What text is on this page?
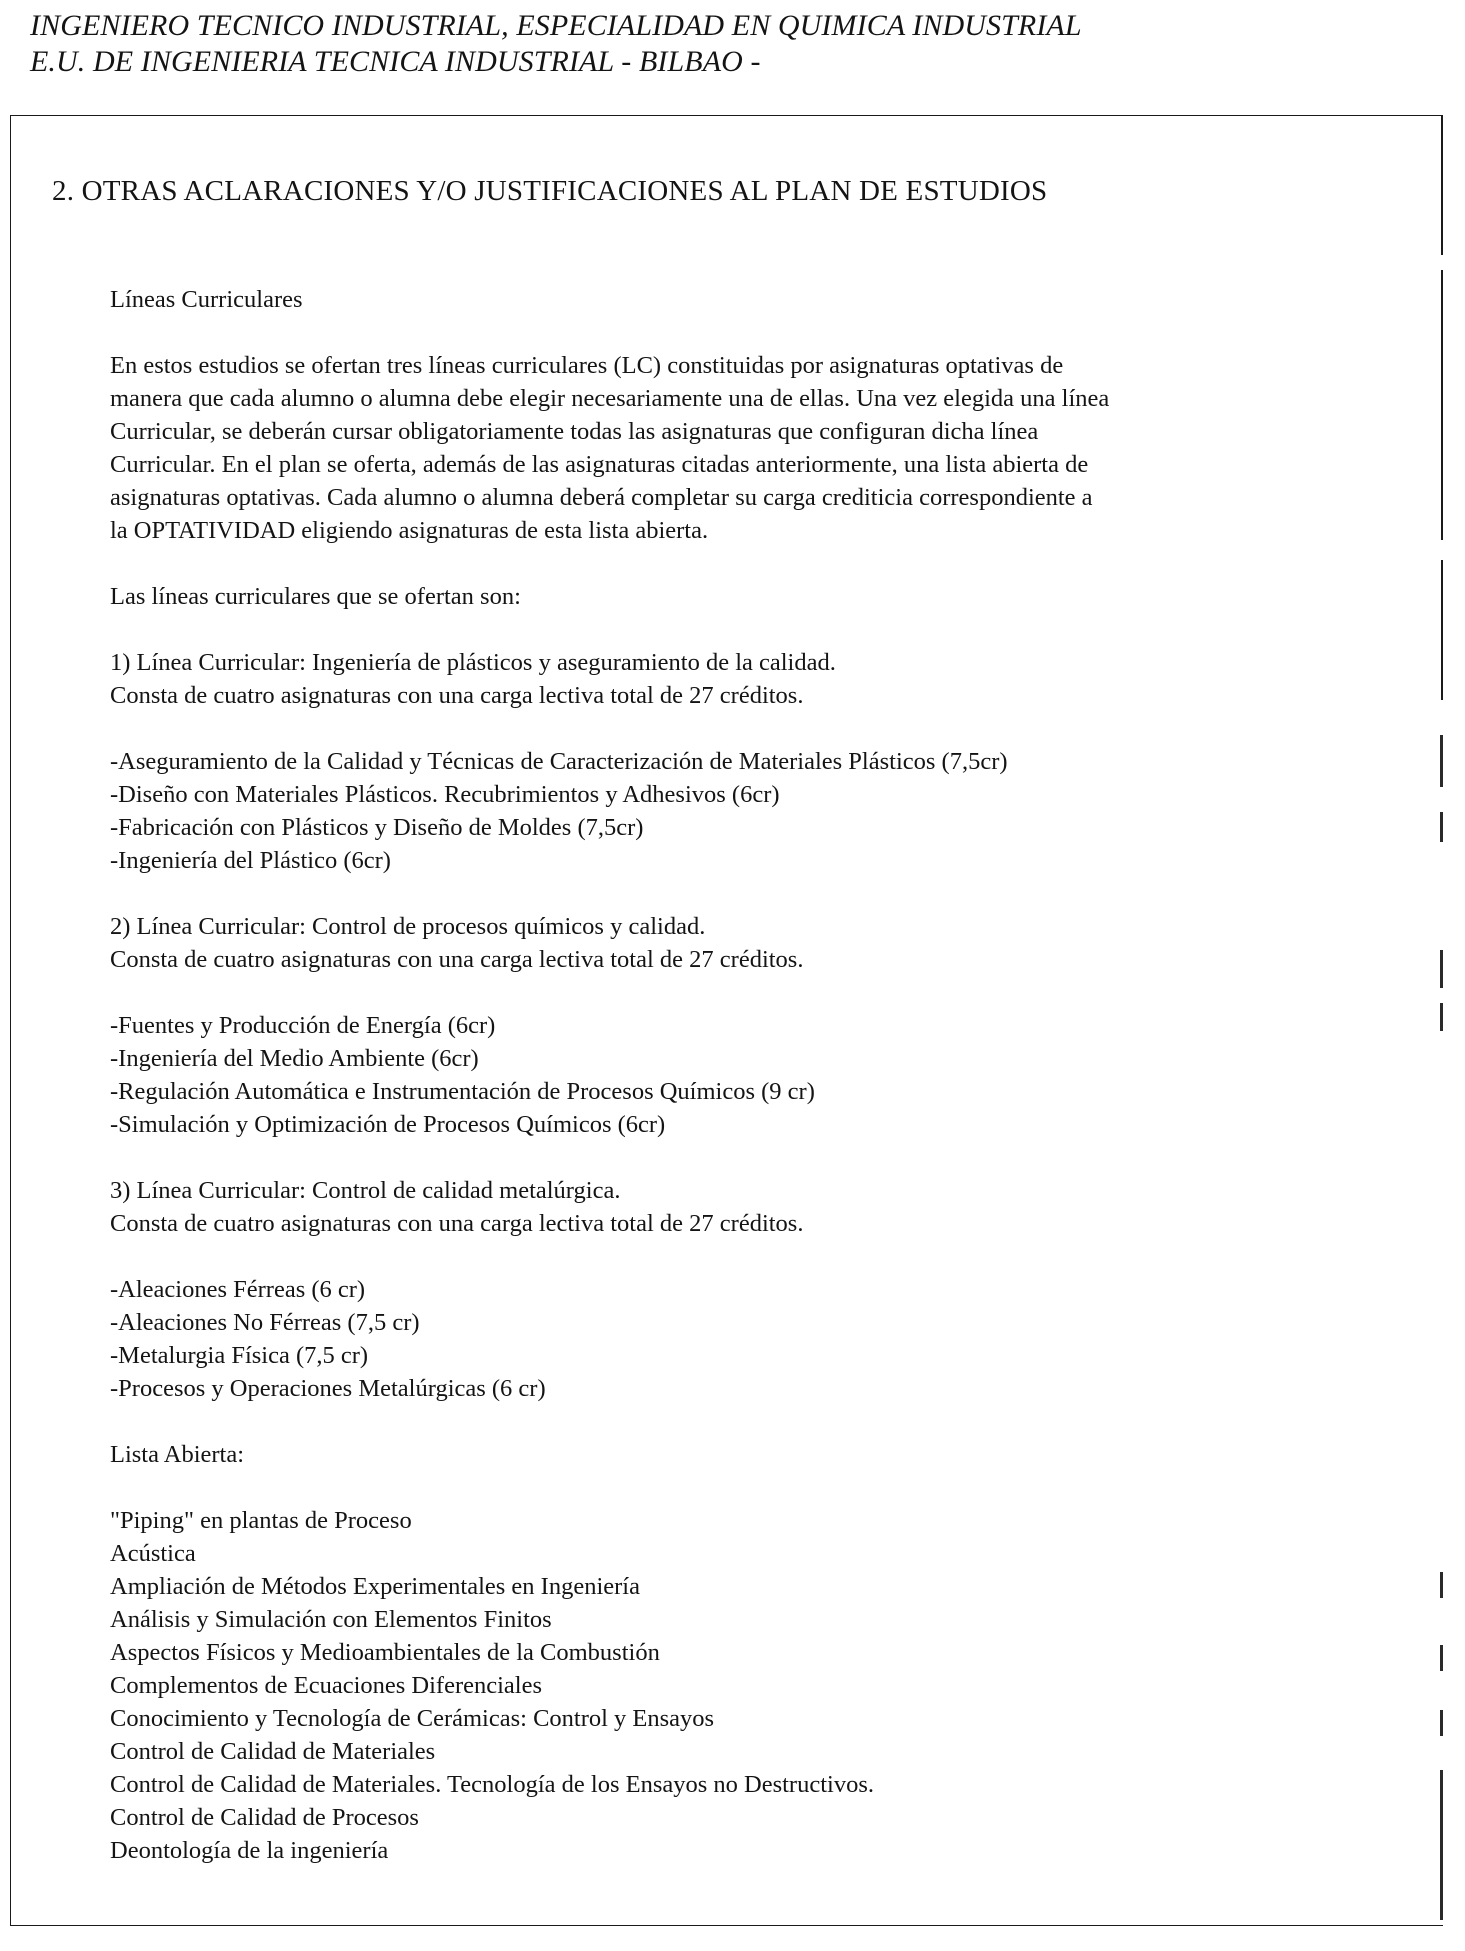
INGENIERO TECNICO INDUSTRIAL, ESPECIALIDAD EN QUIMICA INDUSTRIAL
E.U. DE INGENIERIA TECNICA INDUSTRIAL - BILBAO -
2. OTRAS ACLARACIONES Y/O JUSTIFICACIONES AL PLAN DE ESTUDIOS

Líneas Curriculares

En estos estudios se ofertan tres líneas curriculares (LC) constituidas por asignaturas optativas de

manera que cada alumno o alumna debe elegir necesariamente una de ellas. Una vez elegida una línea

Curricular, se deberán cursar obligatoriamente todas las asignaturas que configuran dicha línea

Curricular. En el plan se oferta, además de las asignaturas citadas anteriormente, una lista abierta de

asignaturas optativas. Cada alumno o alumna deberá completar su carga crediticia correspondiente a

la OPTATIVIDAD eligiendo asignaturas de esta lista abierta.

Las líneas curriculares que se ofertan son:

1) Línea Curricular: Ingeniería de plásticos y aseguramiento de la calidad.

Consta de cuatro asignaturas con una carga lectiva total de 27 créditos.

-Aseguramiento de la Calidad y Técnicas de Caracterización de Materiales Plásticos (7,5cr)

-Diseño con Materiales Plásticos. Recubrimientos y Adhesivos (6cr)

-Fabricación con Plásticos y Diseño de Moldes (7,5cr)

-Ingeniería del Plástico (6cr)

2) Línea Curricular: Control de procesos químicos y calidad.

Consta de cuatro asignaturas con una carga lectiva total de 27 créditos.

-Fuentes y Producción de Energía (6cr)

-Ingeniería del Medio Ambiente (6cr)

-Regulación Automática e Instrumentación de Procesos Químicos (9 cr)

-Simulación y Optimización de Procesos Químicos (6cr)

3) Línea Curricular: Control de calidad metalúrgica.

Consta de cuatro asignaturas con una carga lectiva total de 27 créditos.

-Aleaciones Férreas (6 cr)

-Aleaciones No Férreas (7,5 cr)

-Metalurgia Física (7,5 cr)

-Procesos y Operaciones Metalúrgicas (6 cr)

Lista Abierta:

"Piping" en plantas de Proceso

Acústica

Ampliación de Métodos Experimentales en Ingeniería

Análisis y Simulación con Elementos Finitos

Aspectos Físicos y Medioambientales de la Combustión

Complementos de Ecuaciones Diferenciales

Conocimiento y Tecnología de Cerámicas: Control y Ensayos

Control de Calidad de Materiales

Control de Calidad de Materiales. Tecnología de los Ensayos no Destructivos.

Control de Calidad de Procesos

Deontología de la ingeniería
